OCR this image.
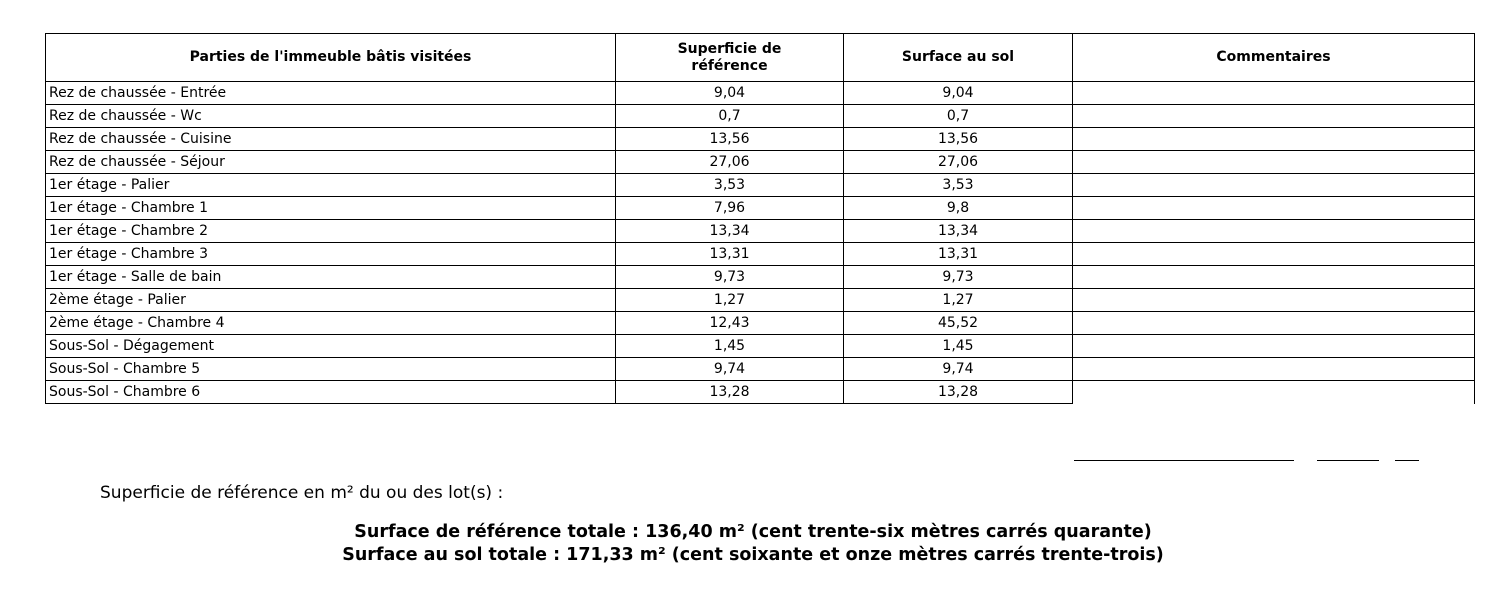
Parties de l'immeuble bâtis visitées	Superficie de
référence	Surface au sol	Commentaires
Rez de chaussée - Entrée	9,04	9,04	
Rez de chaussée - Wc	0,7	0,7	
Rez de chaussée - Cuisine	13,56	13,56	
Rez de chaussée - Séjour	27,06	27,06	
1er étage - Palier	3,53	3,53	
1er étage - Chambre 1	7,96	9,8	
1er étage - Chambre 2	13,34	13,34	
1er étage - Chambre 3	13,31	13,31	
1er étage - Salle de bain	9,73	9,73	
2ème étage - Palier	1,27	1,27	
2ème étage - Chambre 4	12,43	45,52	
Sous-Sol - Dégagement	1,45	1,45	
Sous-Sol - Chambre 5	9,74	9,74	
Sous-Sol - Chambre 6	13,28	13,28	
Superficie de référence en m² du ou des lot(s) :
Surface de référence totale : 136,40 m² (cent trente-six mètres carrés quarante)
Surface au sol totale : 171,33 m² (cent soixante et onze mètres carrés trente-trois)
